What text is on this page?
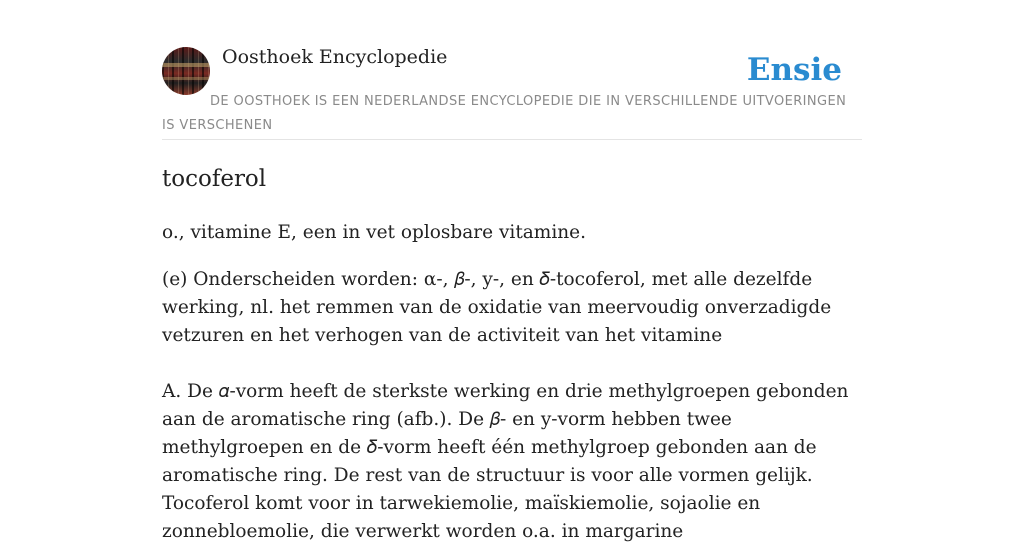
Oosthoek Encyclopedie	Ensie
DE OOSTHOEK IS EEN NEDERLANDSE ENCYCLOPEDIE DIE IN VERSCHILLENDE UITVOERINGEN IS VERSCHENEN
tocoferol

o., vitamine E, een in vet oplosbare vitamine.

(e) Onderscheiden worden: α-, 𝛽-, y-, en 𝛿-tocoferol, met alle dezelfde werking, nl. het remmen van de oxidatie van meervoudig onverzadigde vetzuren en het verhogen van de activiteit van het vitamine

A. De 𝛼-vorm heeft de sterkste werking en drie methylgroepen gebonden aan de aromatische ring (afb.). De 𝛽- en y-vorm hebben twee methylgroepen en de 𝛿-vorm heeft één methylgroep gebonden aan de aromatische ring. De rest van de structuur is voor alle vormen gelijk. Tocoferol komt voor in tarwekiemolie, maïskiemolie, sojaolie en zonnebloemolie, die verwerkt worden o.a. in margarine
